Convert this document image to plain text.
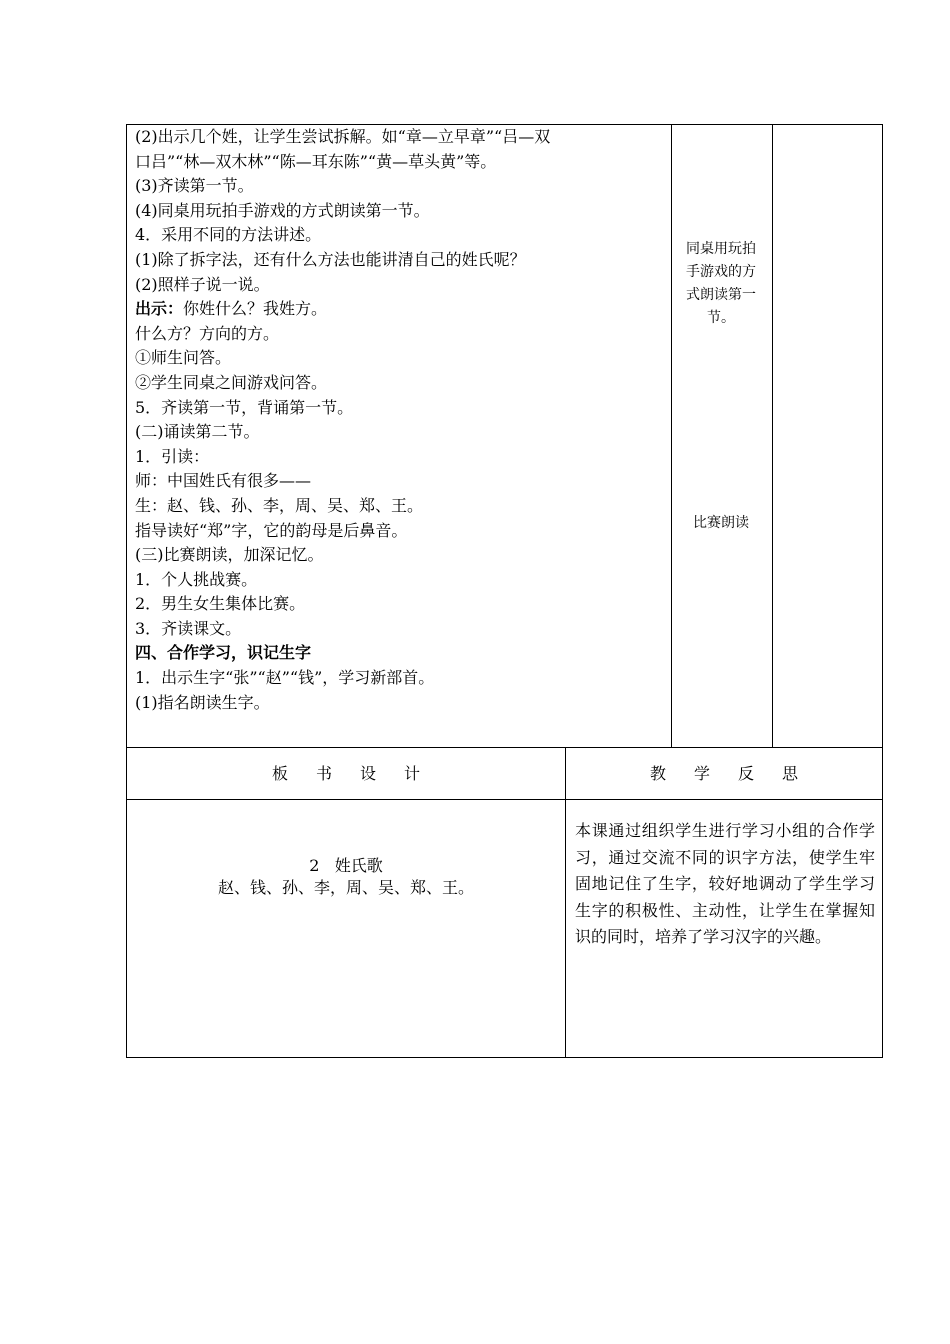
(2)出示几个姓，让学生尝试拆解。如“章—立早章”“吕—双
口吕”“林—双木林”“陈—耳东陈”“黄—草头黄”等。
(3)齐读第一节。
(4)同桌用玩拍手游戏的方式朗读第一节。
4．采用不同的方法讲述。
(1)除了拆字法，还有什么方法也能讲清自己的姓氏呢？
(2)照样子说一说。
出示：你姓什么？我姓方。
什么方？方向的方。
①师生问答。
②学生同桌之间游戏问答。
5．齐读第一节，背诵第一节。
(二)诵读第二节。
1．引读：
师：中国姓氏有很多——
生：赵、钱、孙、李，周、吴、郑、王。
指导读好“郑”字，它的韵母是后鼻音。
(三)比赛朗读，加深记忆。
1．个人挑战赛。
2．男生女生集体比赛。
3．齐读课文。
四、合作学习，识记生字
1．出示生字“张”“赵”“钱”，学习新部首。
(1)指名朗读生字。
同桌用玩拍
手游戏的方
式朗读第一
节。
比赛朗读
板书设计	教学反思
2 姓氏歌
赵、钱、孙、李，周、吴、郑、王。
本课通过组织学生进行学习小组的合作学习，通过交流不同的识字方法，使学生牢固地记住了生字，较好地调动了学生学习生字的积极性、主动性，让学生在掌握知识的同时，培养了学习汉字的兴趣。
